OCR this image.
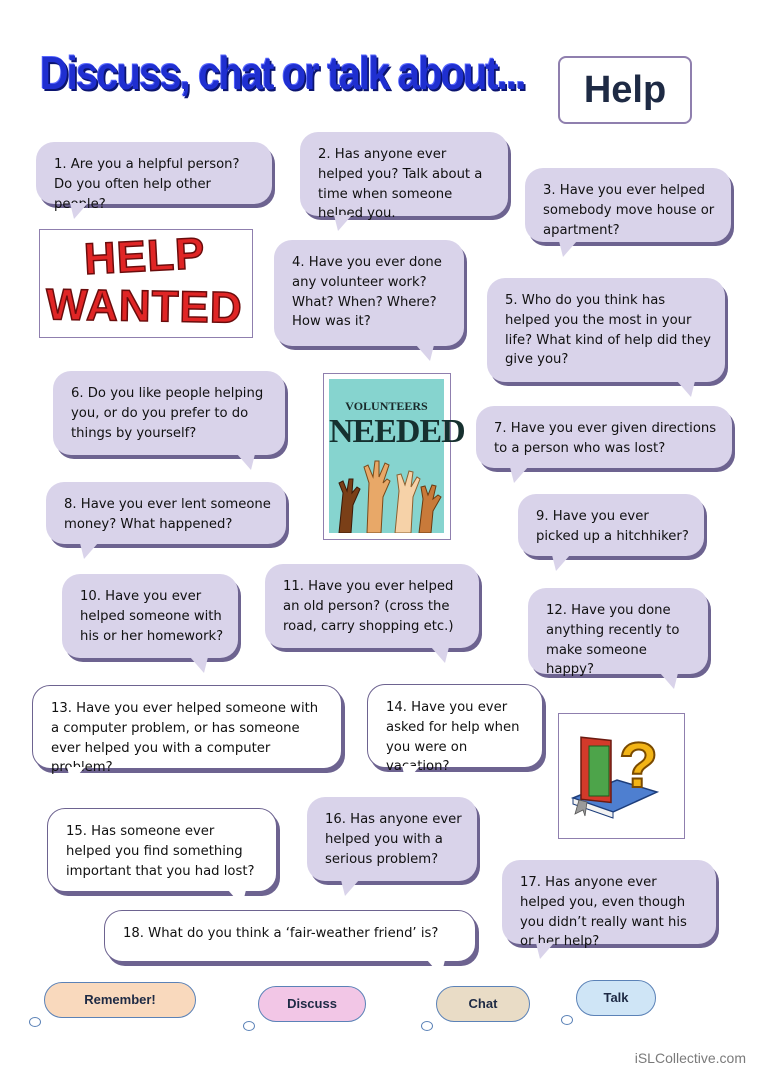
Discuss, chat or talk about...	Help
1. Are you a helpful person? Do you often help other people?
2. Has anyone ever helped you? Talk about a time when someone helped you.
3. Have you ever helped somebody move house or apartment?
4. Have you ever done any volunteer work? What? When? Where? How was it?
5. Who do you think has helped you the most in your life? What kind of help did they give you?
6. Do you like people helping you, or do you prefer to do things by yourself?	7. Have you ever given directions to a person who was lost?
8. Have you ever lent someone money? What happened?
9. Have you ever picked up a hitchhiker?
10. Have you ever helped someone with his or her homework?
11. Have you ever helped an old person? (cross the road, carry shopping etc.)
12. Have you done anything recently to make someone happy?
13. Have you ever helped someone with a computer problem, or has someone ever helped you with a computer problem?
14. Have you ever asked for help when you were on vacation?
15. Has someone ever helped you find something important that you had lost?
16. Has anyone ever helped you with a serious problem?
17. Has anyone ever helped you, even though you didn’t really want his or her help?
18. What do you think a ‘fair-weather friend’ is?
HELP
WANTED
VOLUNTEERS
NEEDED
?
Remember!	Discuss	Chat	Talk
iSLCollective.com
